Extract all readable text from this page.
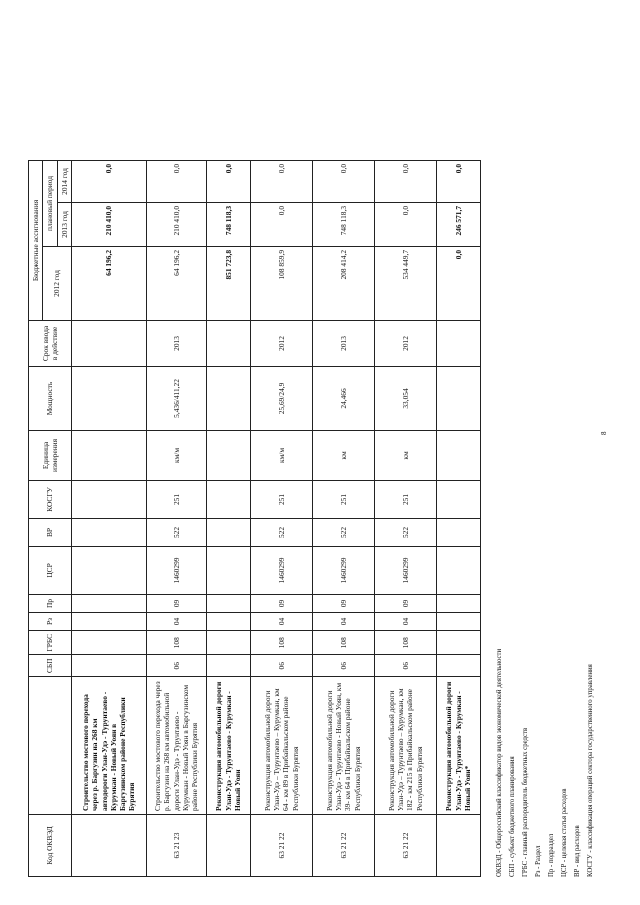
Код ОКВЭД		СБП	ГРБС	Рз	Пр	ЦСР	ВР	КОСГУ	Единица измерения	Мощность	Срок ввода в действие	Бюджетные ассигнования		
												2012 год	плановый период	
													2013 год	2014 год
	Строительство мостового перехода через р. Баргузин на 268 км автодороги Улан-Удэ - Турунтаево - Курумкан - Новый Уоян в Баргузинском районе Республики Бурятия											64 196,2	210 410,0	0,0
63 21 23	Строительство мостового перехода через р. Баргузин на 268 км автомобильной дороги Улан-Удэ - Турунтаево - Курумкан - Новый Уоян в Баргузинском районе Республики Бурятия	06	108	04	09	1460299	522	251	км/м	5,436/411,22	2013	64 196,2	210 410,0	0,0
	Реконструкция автомобильной дороги Улан-Удэ - Турунтаево - Курумкан - Новый Уоян											851 723,8	748 118,3	0,0
63 21 22	Реконструкция автомобильной дороги Улан-Удэ – Турунтаево – Курумкан, км 64 - км 89 в Прибайкальском районе Республики Бурятия	06	108	04	09	1460299	522	251	км/м	25,69/24,9	2012	108 859,9	0,0	0,0
63 21 22	Реконструкция автомобильной дороги Улан-Удэ - Турунтаево - Новый Уоян, км 39- км 64 в Прибайкальском районе Республики Бурятия	06	108	04	09	1460299	522	251	км	24,466	2013	208 414,2	748 118,3	0,0
63 21 22	Реконструкция автомобильной дороги Улан-Удэ – Турунтаево – Курумкан, км 182 - км 215 в Прибайкальском районе Республики Бурятия	06	108	04	09	1460299	522	251	км	33,054	2012	534 449,7	0,0	0,0
	Реконструкция автомобильной дороги Улан-Удэ - Турунтаево - Курумкан - Новый Уоян*											0,0	246 571,7	0,0
ОКВЭД - Общероссийский классификатор видов экономической деятельности СБП - субъект бюджетного планирования ГРБС - главный распорядитель бюджетных средств Рз - Раздел Пр - подраздел ЦСР - целевая статья расходов ВР - вид расходов КОСГУ - классификация операций сектора государственного управления
8
